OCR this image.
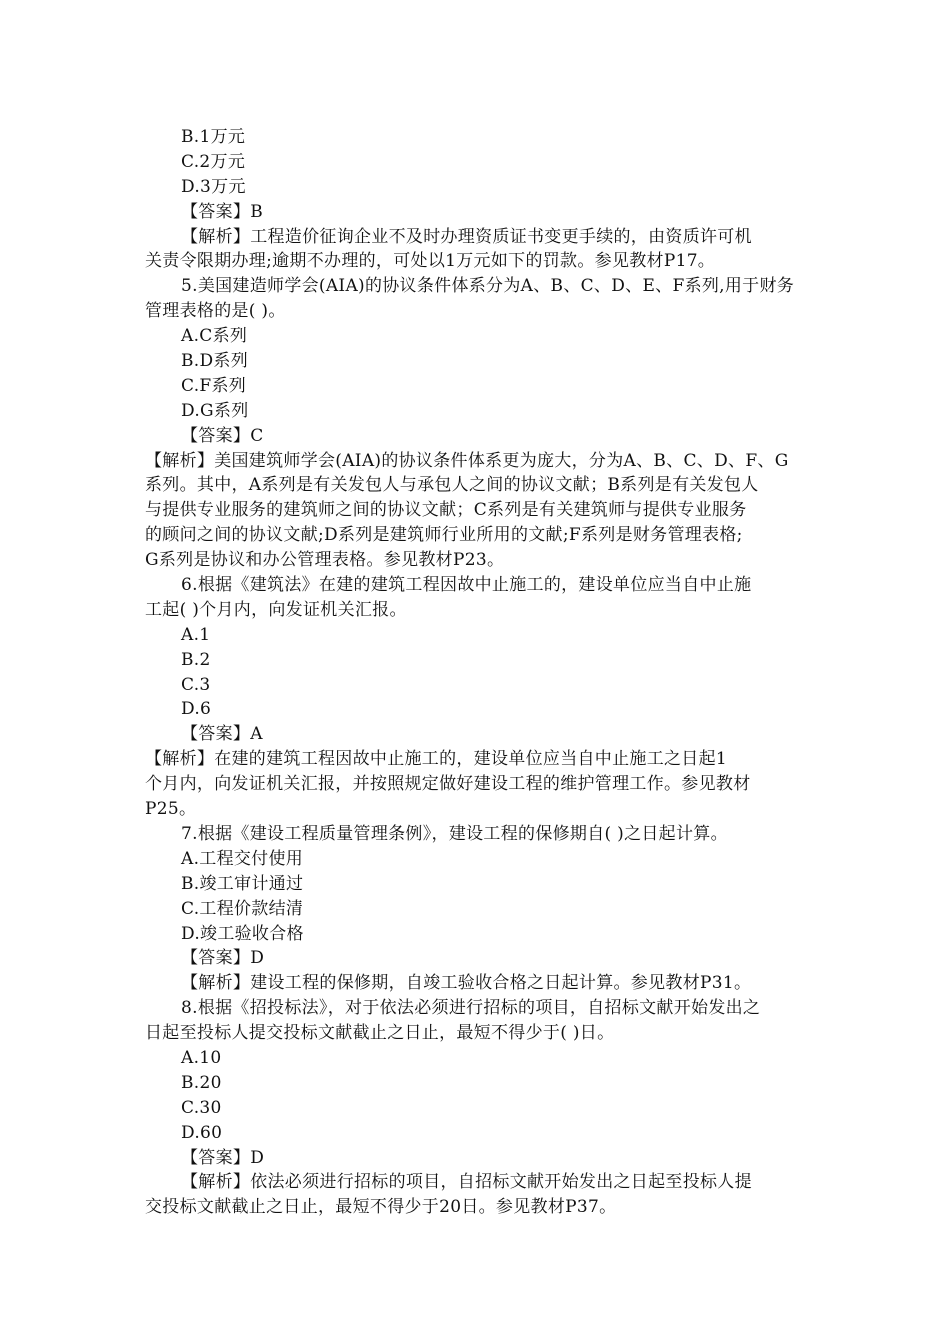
B.1万元
C.2万元
D.3万元
【答案】B
【解析】工程造价征询企业不及时办理资质证书变更手续的，由资质许可机
关责令限期办理;逾期不办理的，可处以1万元如下的罚款。参见教材P17。
5.美国建造师学会(AIA)的协议条件体系分为A、B、C、D、E、F系列,用于财务
管理表格的是( )。
A.C系列
B.D系列
C.F系列
D.G系列
【答案】C
【解析】美国建筑师学会(AIA)的协议条件体系更为庞大，分为A、B、C、D、F、G
系列。其中，A系列是有关发包人与承包人之间的协议文献；B系列是有关发包人
与提供专业服务的建筑师之间的协议文献；C系列是有关建筑师与提供专业服务
的顾问之间的协议文献;D系列是建筑师行业所用的文献;F系列是财务管理表格;
G系列是协议和办公管理表格。参见教材P23。
6.根据《建筑法》在建的建筑工程因故中止施工的，建设单位应当自中止施
工起( )个月内，向发证机关汇报。
A.1
B.2
C.3
D.6
【答案】A
【解析】在建的建筑工程因故中止施工的，建设单位应当自中止施工之日起1
个月内，向发证机关汇报，并按照规定做好建设工程的维护管理工作。参见教材
P25。
7.根据《建设工程质量管理条例》，建设工程的保修期自( )之日起计算。
A.工程交付使用
B.竣工审计通过
C.工程价款结清
D.竣工验收合格
【答案】D
【解析】建设工程的保修期，自竣工验收合格之日起计算。参见教材P31。
8.根据《招投标法》，对于依法必须进行招标的项目，自招标文献开始发出之
日起至投标人提交投标文献截止之日止，最短不得少于( )日。
A.10
B.20
C.30
D.60
【答案】D
【解析】依法必须进行招标的项目，自招标文献开始发出之日起至投标人提
交投标文献截止之日止，最短不得少于20日。参见教材P37。
